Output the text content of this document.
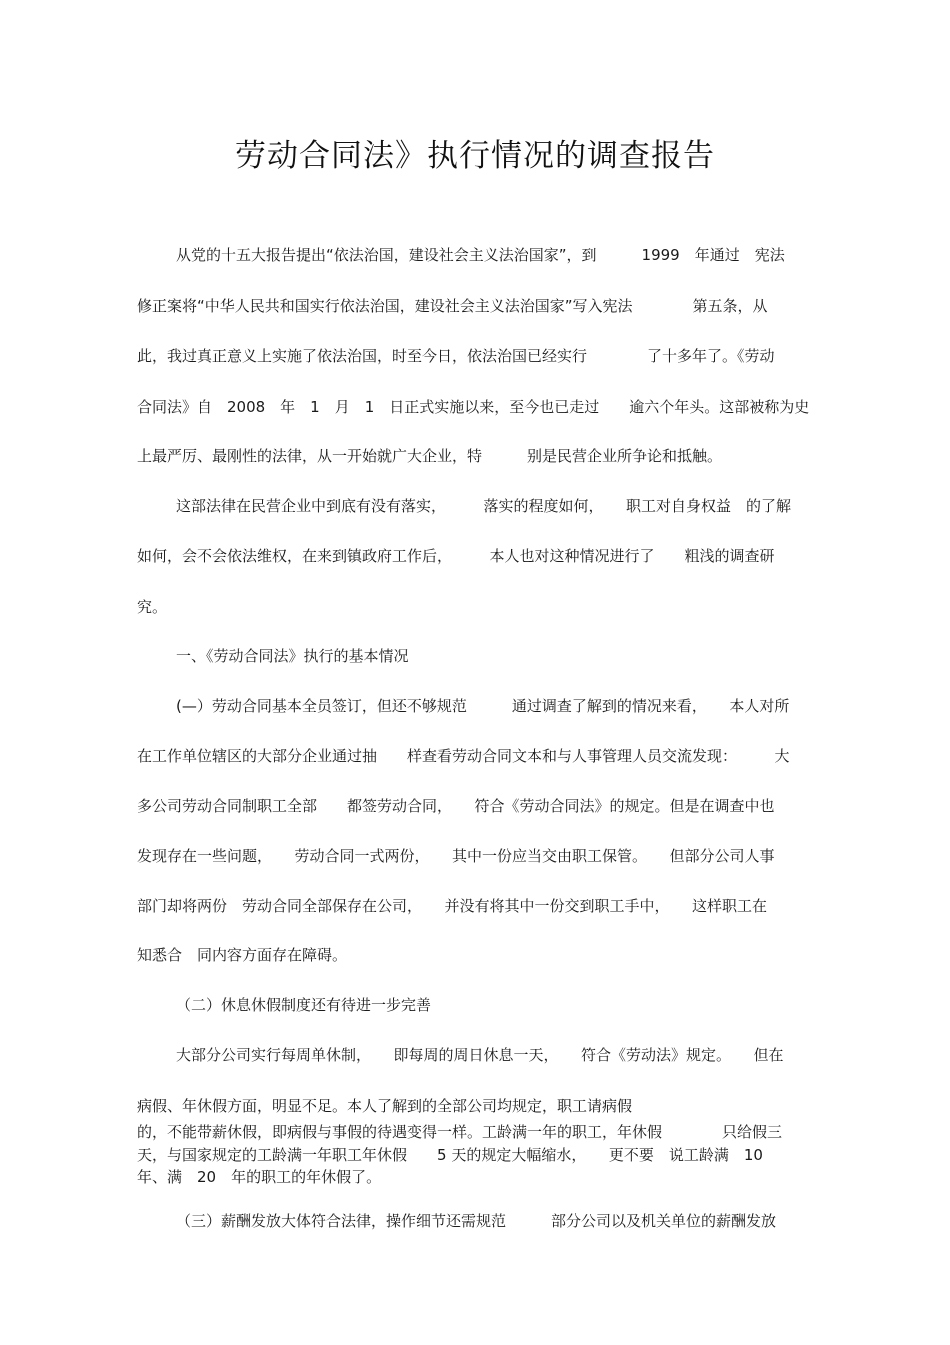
劳动合同法》执行情况的调查报告
从党的十五大报告提出“依法治国，建设社会主义法治国家”，到　　　1999　年通过　宪法
修正案将“中华人民共和国实行依法治国，建设社会主义法治国家”写入宪法　　　　第五条，从
此，我过真正意义上实施了依法治国，时至今日，依法治国已经实行　　　　了十多年了。《劳动
合同法》自　2008　年　1　月　1　日正式实施以来，至今也已走过　　逾六个年头。这部被称为史
上最严厉、最刚性的法律，从一开始就广大企业，特　　　别是民营企业所争论和抵触。
这部法律在民营企业中到底有没有落实，　　　落实的程度如何，　　职工对自身权益　的了解
如何，会不会依法维权，在来到镇政府工作后，　　　本人也对这种情况进行了　　粗浅的调查研
究。
一、《劳动合同法》执行的基本情况
(—）劳动合同基本全员签订，但还不够规范　　　通过调查了解到的情况来看，　　本人对所
在工作单位辖区的大部分企业通过抽　　样查看劳动合同文本和与人事管理人员交流发现：　　　大
多公司劳动合同制职工全部　　都签劳动合同，　　符合《劳动合同法》的规定。但是在调查中也
发现存在一些问题，　　劳动合同一式两份，　　其中一份应当交由职工保管。　　但部分公司人事
部门却将两份　劳动合同全部保存在公司，　　并没有将其中一份交到职工手中，　　这样职工在
知悉合　同内容方面存在障碍。
（二）休息休假制度还有待进一步完善
大部分公司实行每周单休制，　　即每周的周日休息一天，　　符合《劳动法》规定。　　但在
病假、年休假方面，明显不足。本人了解到的全部公司均规定，职工请病假
的，不能带薪休假，即病假与事假的待遇变得一样。工龄满一年的职工，年休假　　　　只给假三
天，与国家规定的工龄满一年职工年休假　　5 天的规定大幅缩水，　　更不要　说工龄满　10
年、满　20　年的职工的年休假了。
（三）薪酬发放大体符合法律，操作细节还需规范　　　部分公司以及机关单位的薪酬发放
